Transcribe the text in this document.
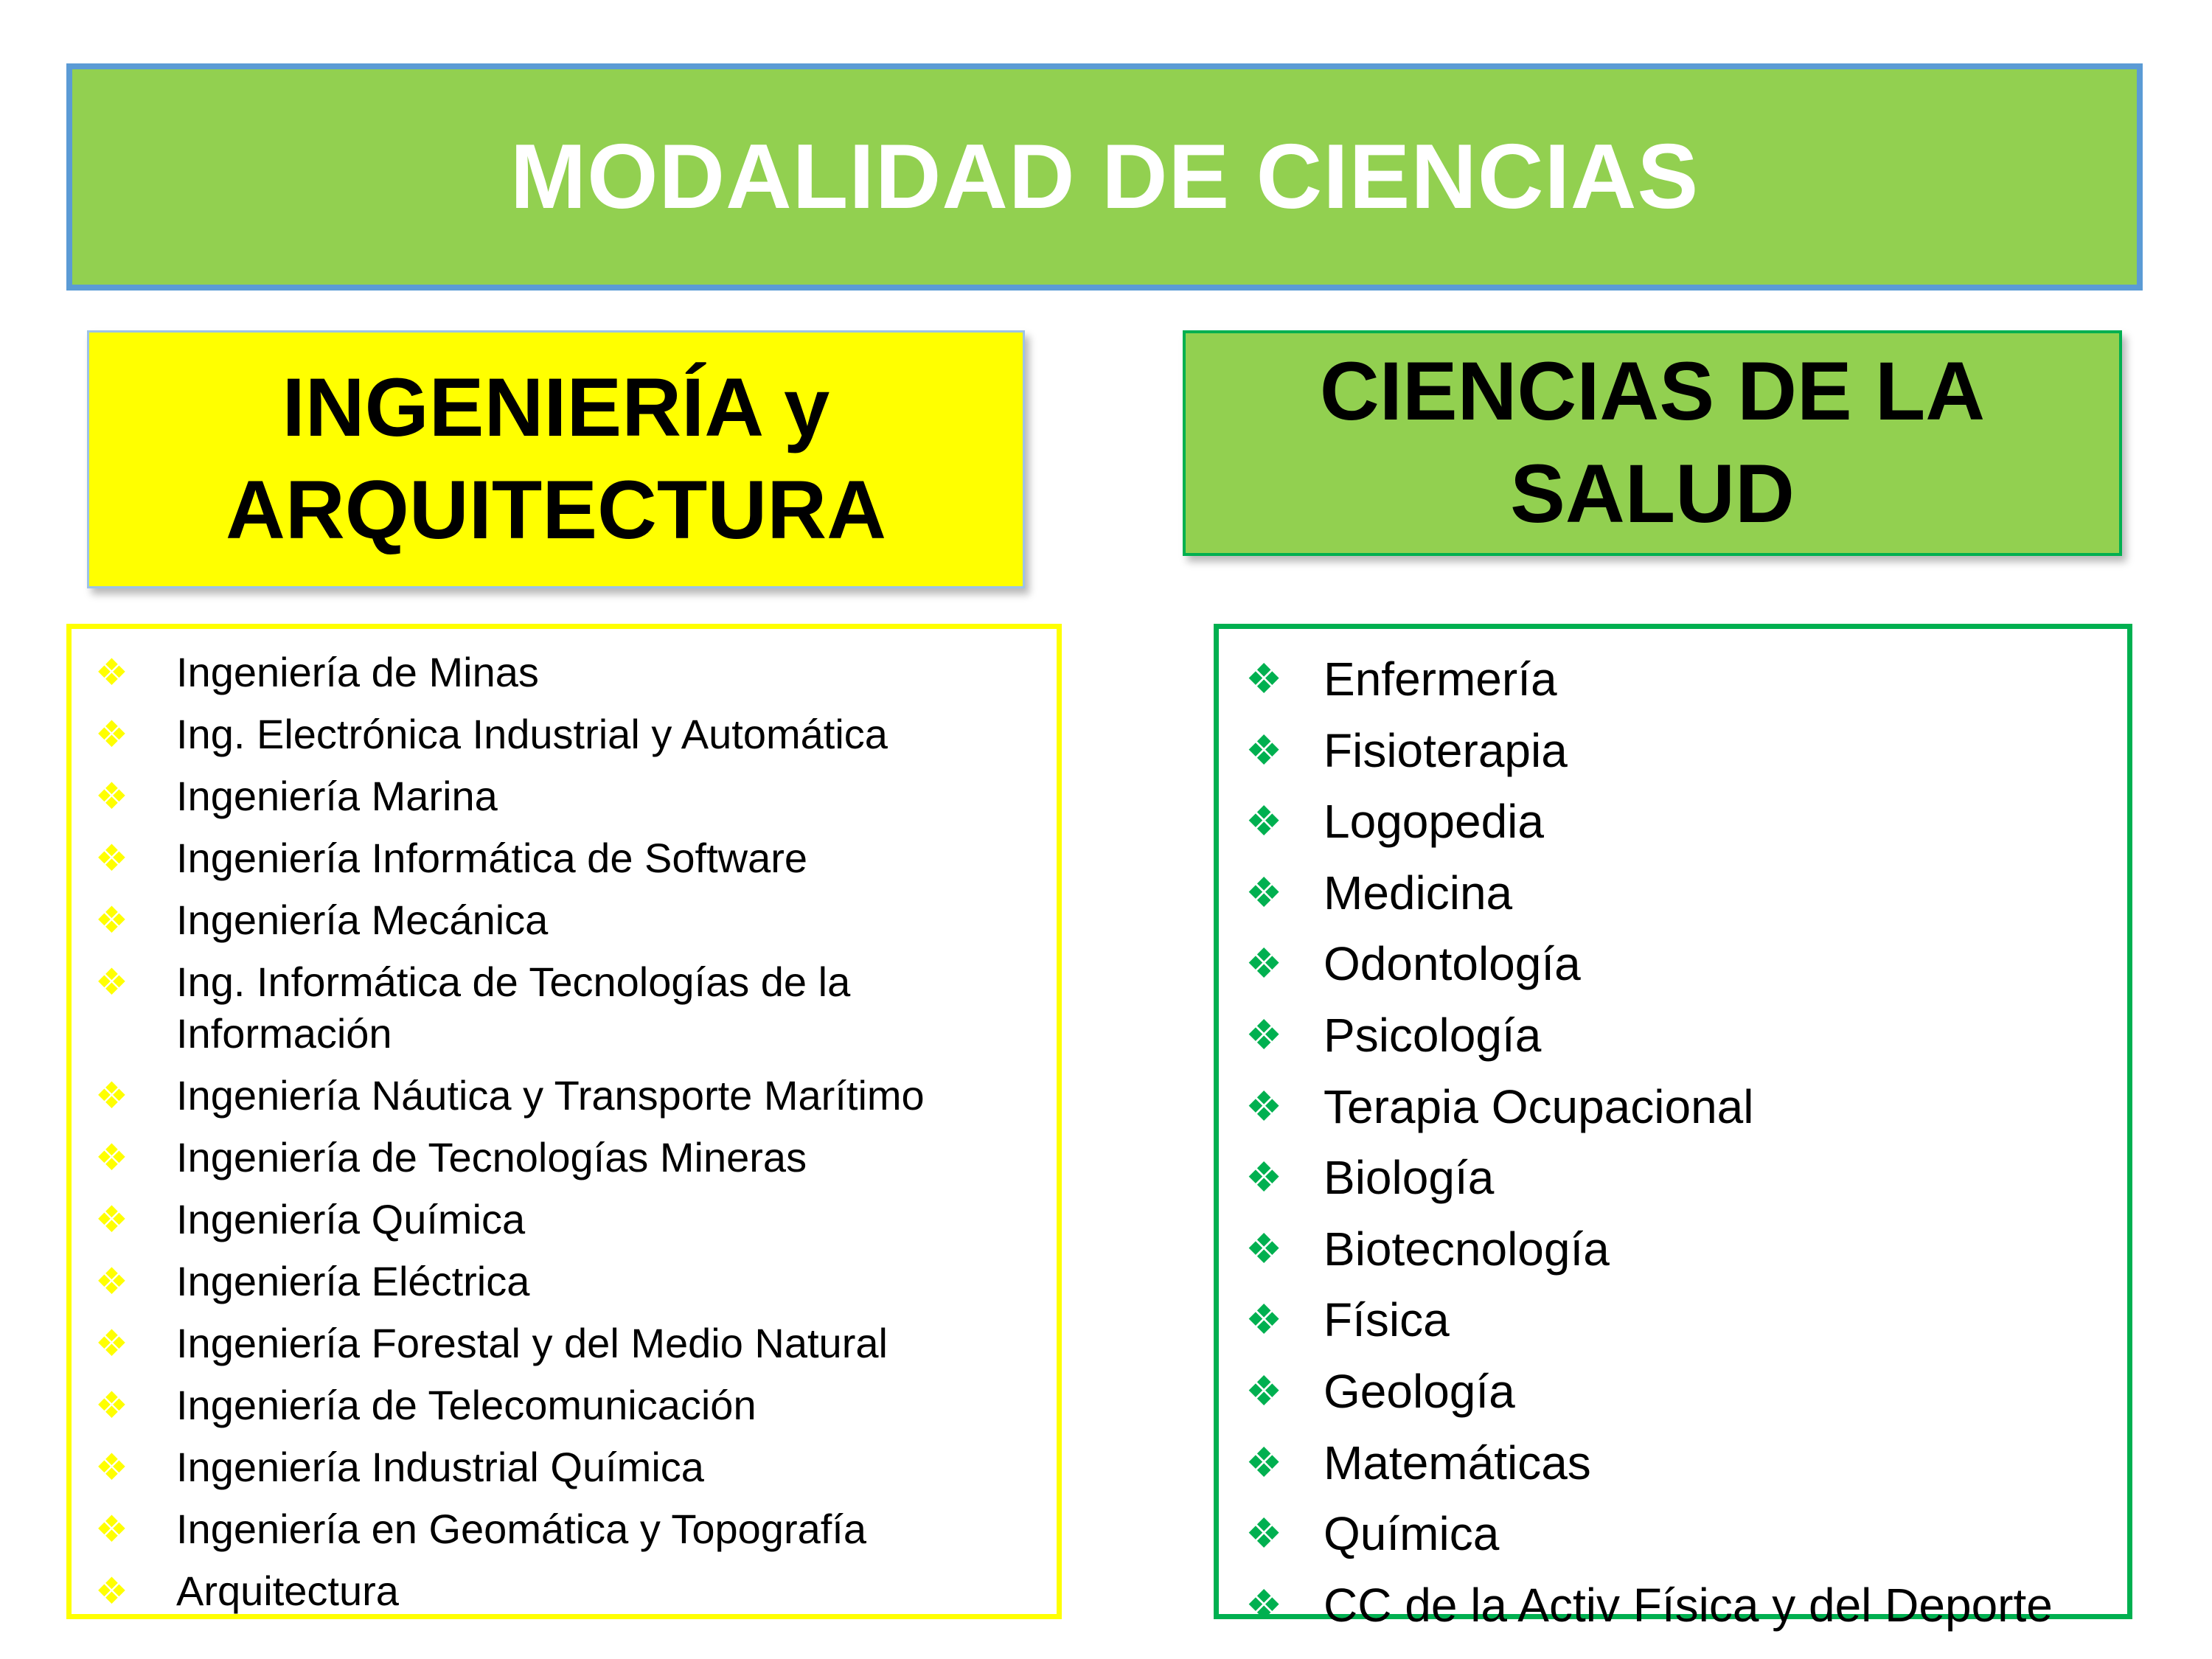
MODALIDAD DE CIENCIAS
INGENIERÍA y ARQUITECTURA
CIENCIAS DE LA SALUD
❖	Ingeniería de Minas
❖	Ing. Electrónica Industrial y Automática
❖	Ingeniería Marina
❖	Ingeniería Informática de Software
❖	Ingeniería Mecánica
❖	Ing. Informática de Tecnologías de la Información
❖	Ingeniería Náutica y Transporte Marítimo
❖	Ingeniería de Tecnologías Mineras
❖	Ingeniería Química
❖	Ingeniería Eléctrica
❖	Ingeniería Forestal y del Medio Natural
❖	Ingeniería de Telecomunicación
❖	Ingeniería Industrial Química
❖	Ingeniería en Geomática y Topografía
❖	Arquitectura
❖ Enfermería
❖ Fisioterapia
❖ Logopedia
❖ Medicina
❖ Odontología
❖ Psicología
❖ Terapia Ocupacional
❖ Biología
❖ Biotecnología
❖ Física
❖ Geología
❖ Matemáticas
❖ Química
❖ CC de la Activ Física y del Deporte
